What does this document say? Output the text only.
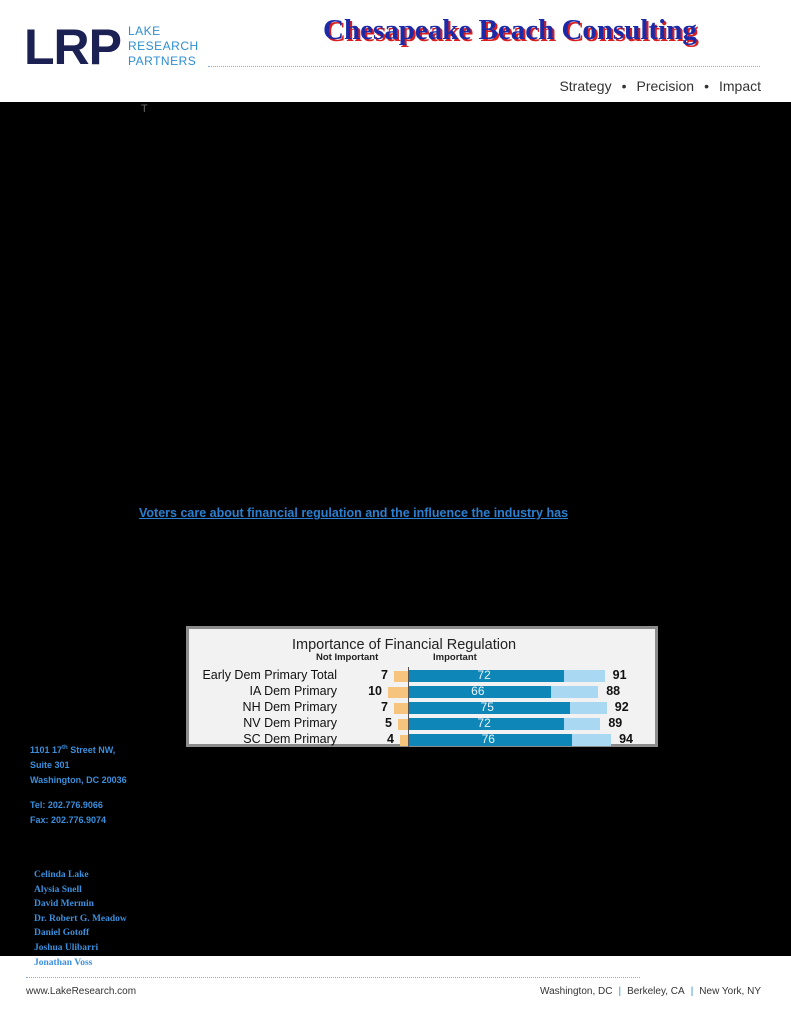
LRP LAKE
RESEARCH
PARTNERS
Chesapeake Beach Consulting
Strategy • Precision • Impact
T
Voters care about financial regulation and the influence the industry has
Importance of Financial Regulation
Not Important	Important
Early Dem Primary Total	7	72	91
IA Dem Primary	10	66	88
NH Dem Primary	7	75	92
NV Dem Primary	5	72	89
SC Dem Primary	4	76	94
1101 17th Street NW,
Suite 301
Washington, DC 20036
Tel: 202.776.9066
Fax: 202.776.9074
Celinda Lake
Alysia Snell
David Mermin
Dr. Robert G. Meadow
Daniel Gotoff
Joshua Ulibarri
Jonathan Voss
www.LakeResearch.com	Washington, DC | Berkeley, CA | New York, NY
